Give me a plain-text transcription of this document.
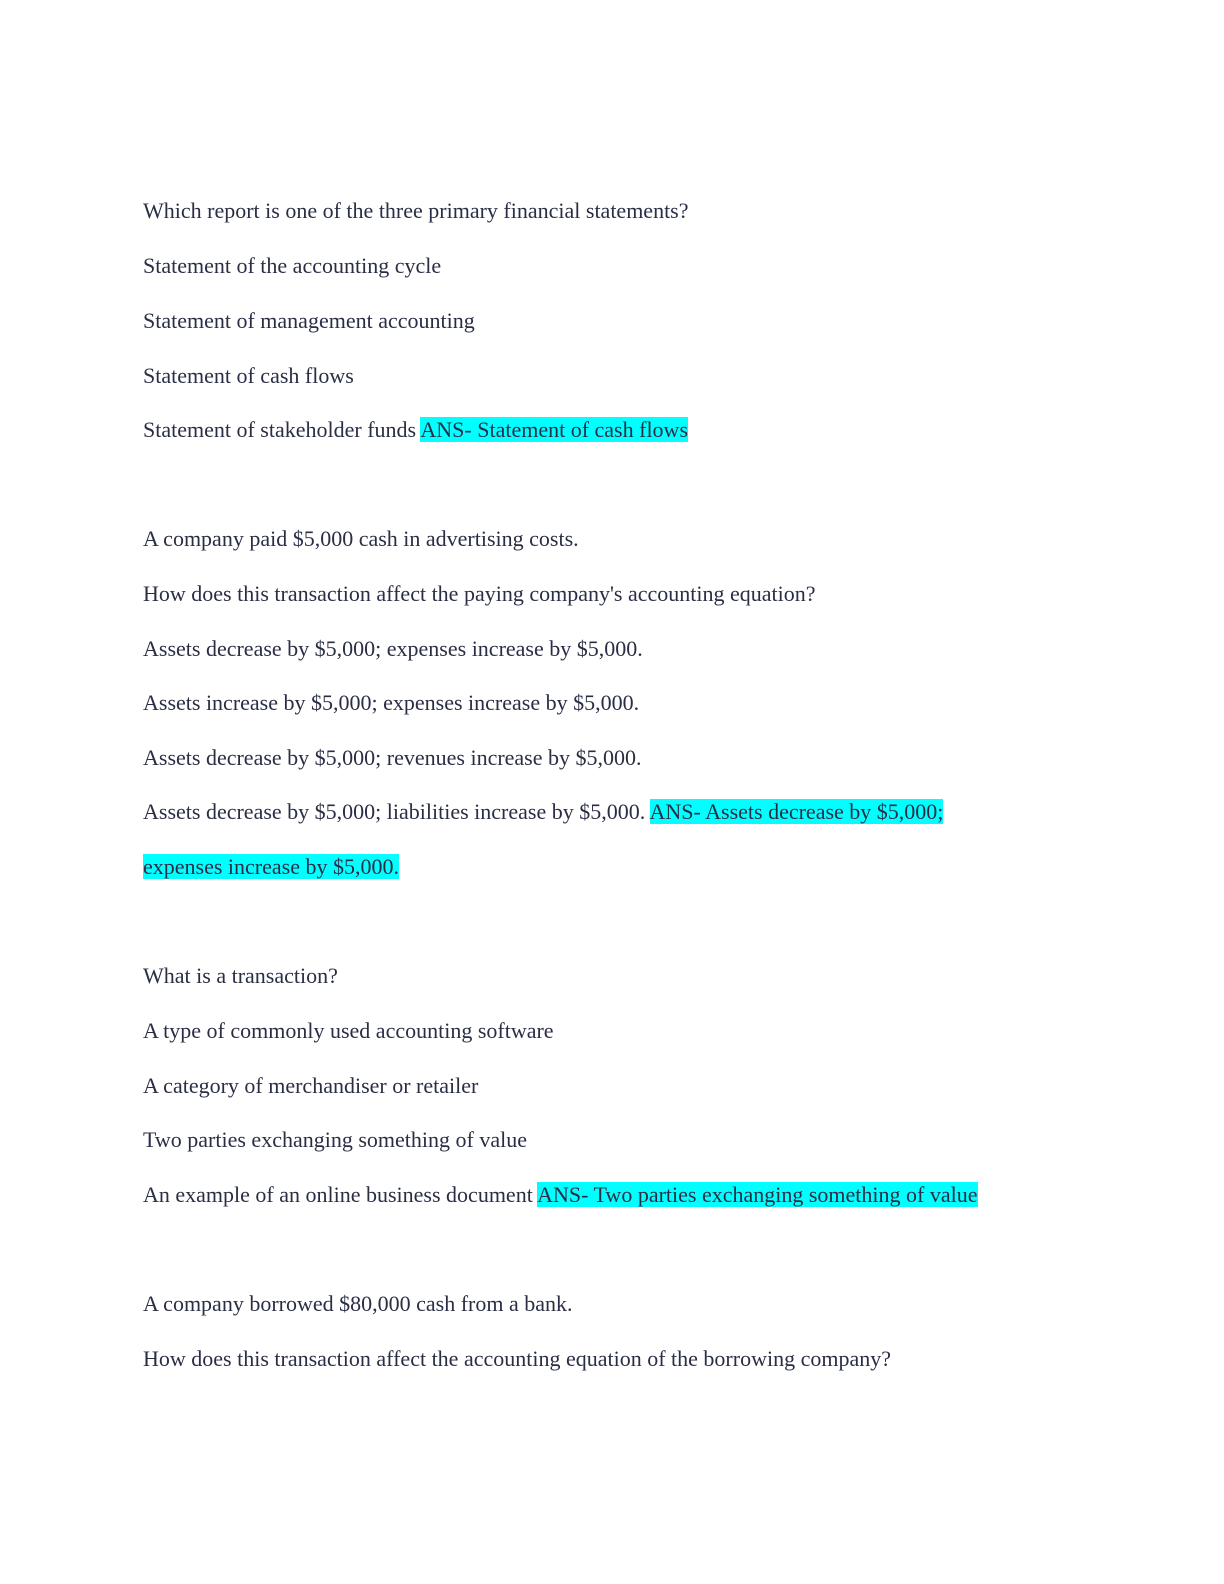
Which report is one of the three primary financial statements?
Statement of the accounting cycle
Statement of management accounting
Statement of cash flows
Statement of stakeholder funds ANS- Statement of cash flows
A company paid $5,000 cash in advertising costs.
How does this transaction affect the paying company's accounting equation?
Assets decrease by $5,000; expenses increase by $5,000.
Assets increase by $5,000; expenses increase by $5,000.
Assets decrease by $5,000; revenues increase by $5,000.
Assets decrease by $5,000; liabilities increase by $5,000. ANS- Assets decrease by $5,000;
expenses increase by $5,000.
What is a transaction?
A type of commonly used accounting software
A category of merchandiser or retailer
Two parties exchanging something of value
An example of an online business document ANS- Two parties exchanging something of value
A company borrowed $80,000 cash from a bank.
How does this transaction affect the accounting equation of the borrowing company?
